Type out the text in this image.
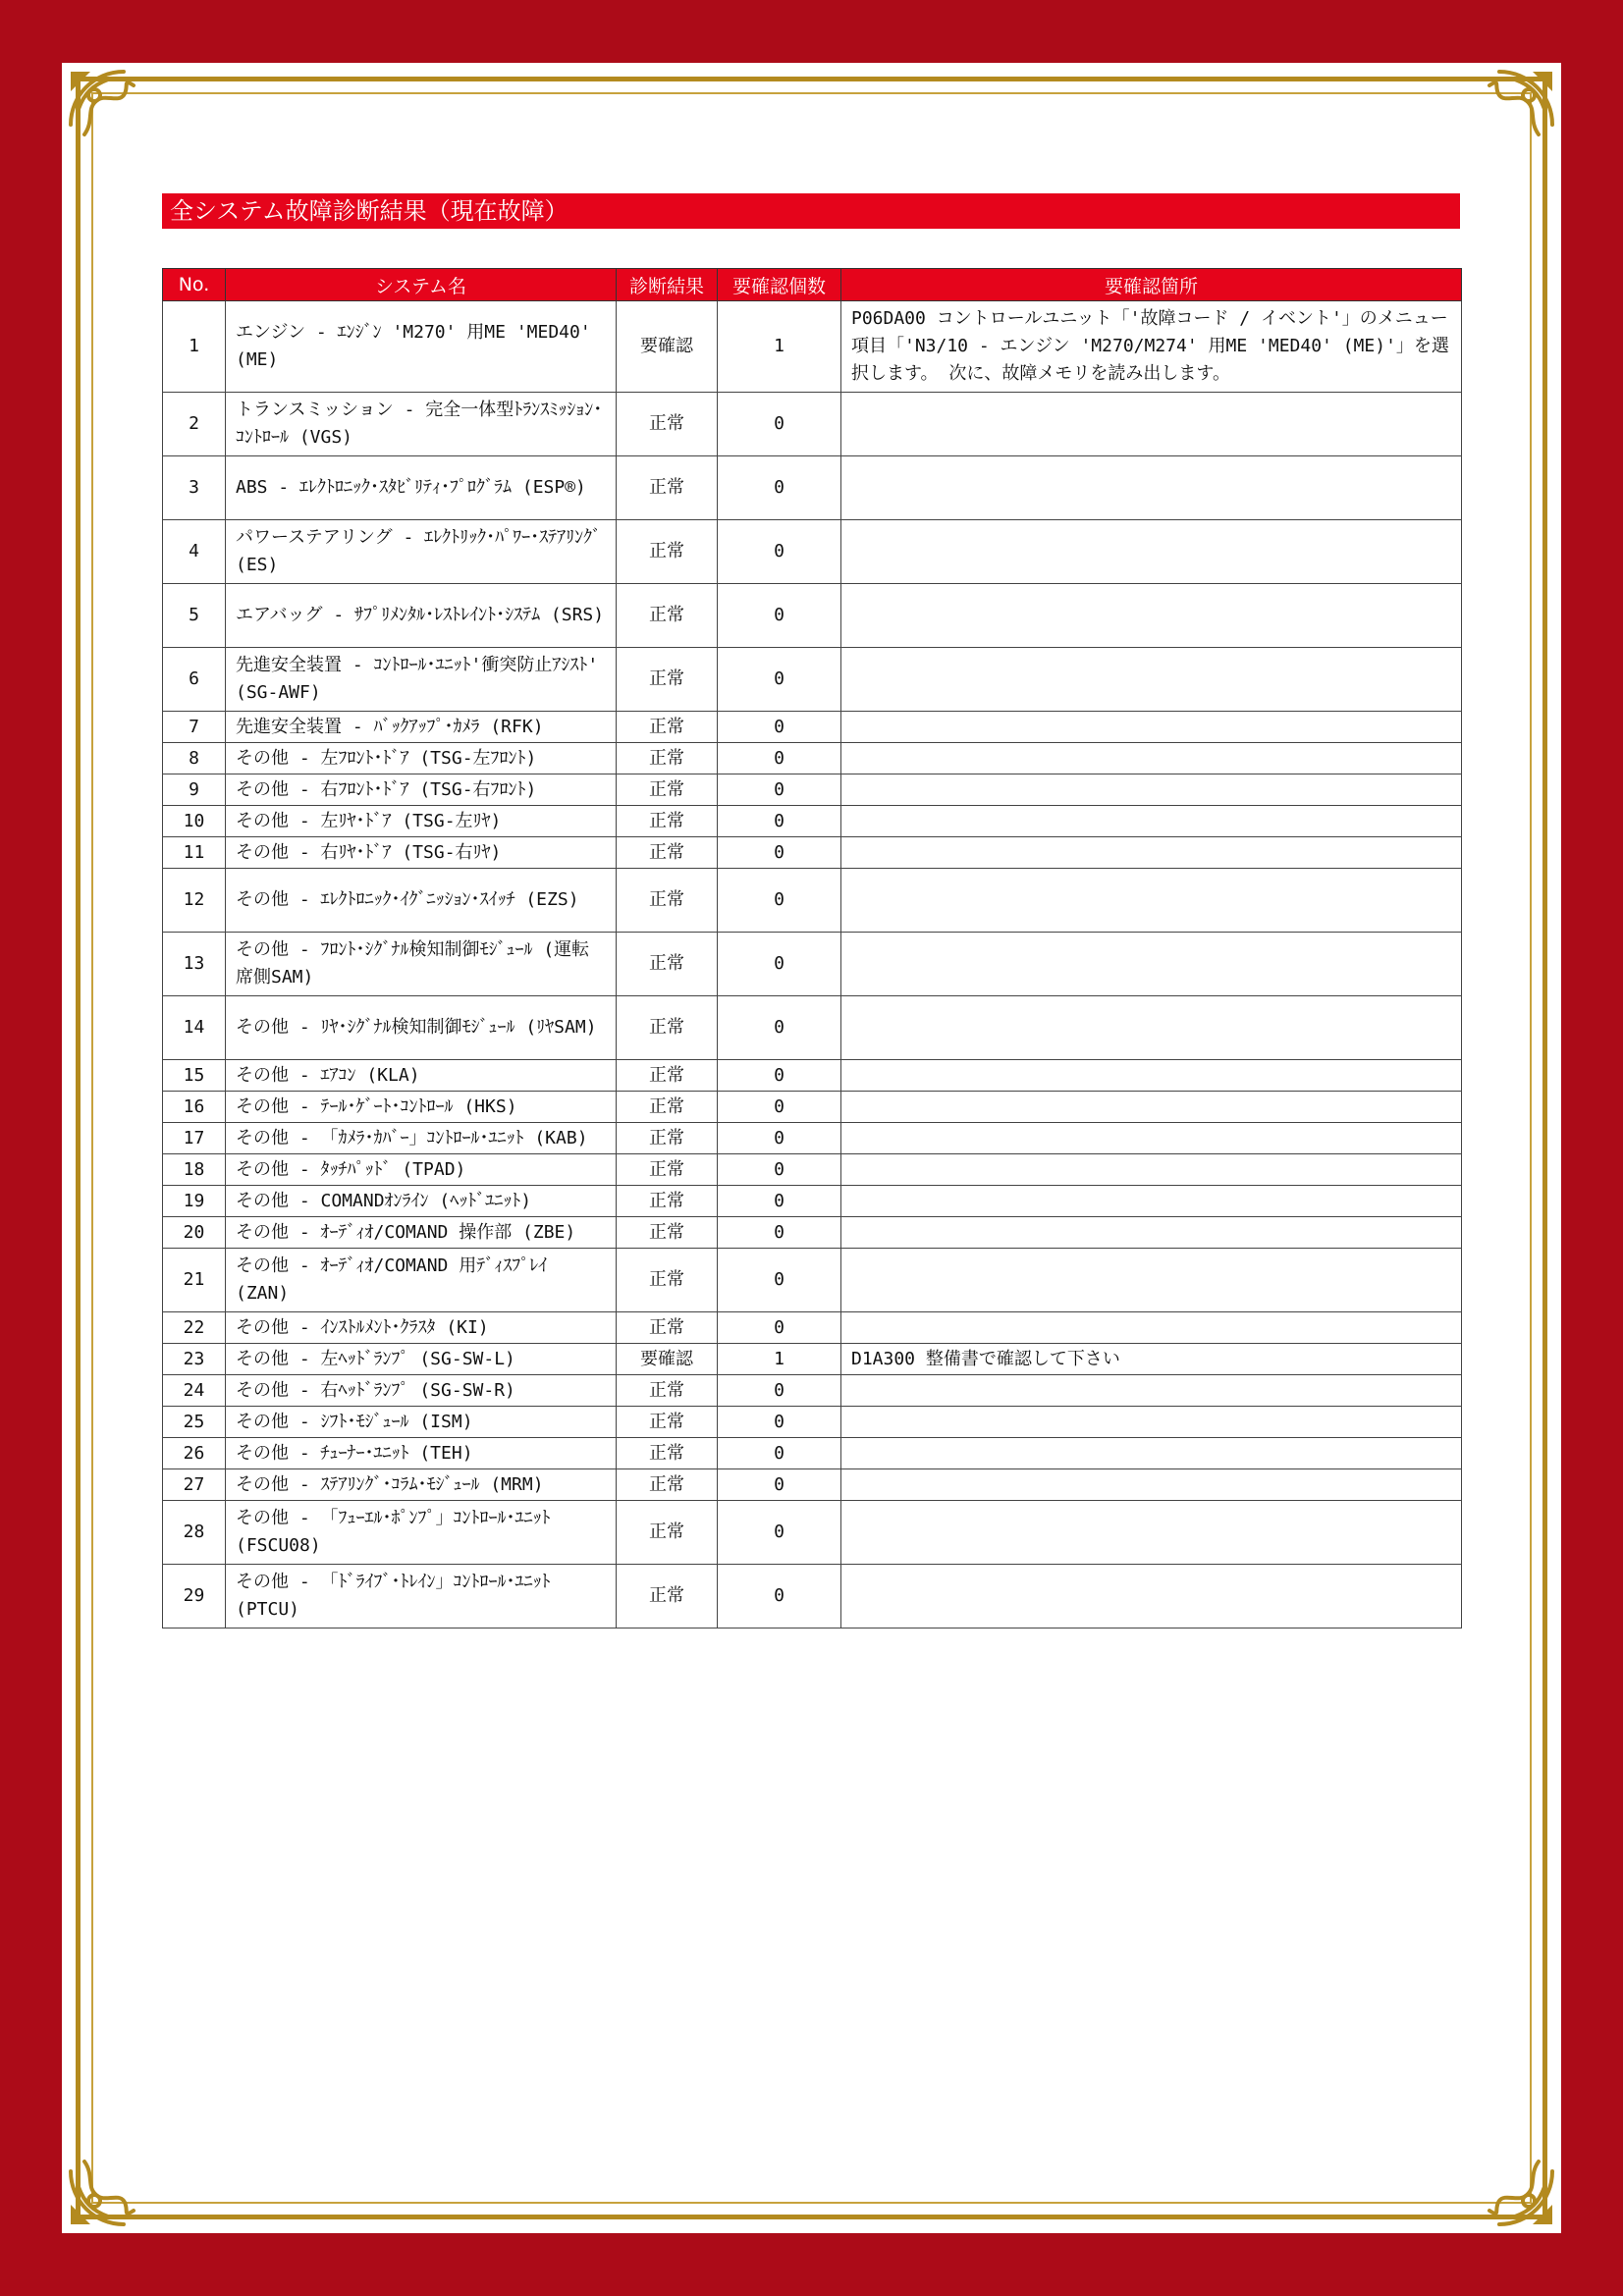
全システム故障診断結果（現在故障）
No.	システム名	診断結果	要確認個数	要確認箇所
1	エンジン - ｴﾝｼﾞﾝ 'M270' 用ME 'MED40' (ME)	要確認	1	P06DA00 コントロールユニット「'故障コード / イベント'」のメニュー項目「'N3/10 - エンジン 'M270/M274' 用ME 'MED40' (ME)'」を選択します。 次に、故障メモリを読み出します。
2	トランスミッション - 完全一体型ﾄﾗﾝｽﾐｯｼｮﾝ･ｺﾝﾄﾛｰﾙ (VGS)	正常	0	
3	ABS - ｴﾚｸﾄﾛﾆｯｸ･ｽﾀﾋﾞﾘﾃｨ･ﾌﾟﾛｸﾞﾗﾑ (ESP®)	正常	0	
4	パワーステアリング - ｴﾚｸﾄﾘｯｸ･ﾊﾟﾜｰ･ｽﾃｱﾘﾝｸﾞ (ES)	正常	0	
5	エアバッグ - ｻﾌﾟﾘﾒﾝﾀﾙ･ﾚｽﾄﾚｲﾝﾄ･ｼｽﾃﾑ (SRS)	正常	0	
6	先進安全装置 - ｺﾝﾄﾛｰﾙ･ﾕﾆｯﾄ'衝突防止ｱｼｽﾄ' (SG-AWF)	正常	0	
7	先進安全装置 - ﾊﾞｯｸｱｯﾌﾟ･ｶﾒﾗ (RFK)	正常	0	
8	その他 - 左ﾌﾛﾝﾄ･ﾄﾞｱ (TSG-左ﾌﾛﾝﾄ)	正常	0	
9	その他 - 右ﾌﾛﾝﾄ･ﾄﾞｱ (TSG-右ﾌﾛﾝﾄ)	正常	0	
10	その他 - 左ﾘﾔ･ﾄﾞｱ (TSG-左ﾘﾔ)	正常	0	
11	その他 - 右ﾘﾔ･ﾄﾞｱ (TSG-右ﾘﾔ)	正常	0	
12	その他 - ｴﾚｸﾄﾛﾆｯｸ･ｲｸﾞﾆｯｼｮﾝ･ｽｲｯﾁ (EZS)	正常	0	
13	その他 - ﾌﾛﾝﾄ･ｼｸﾞﾅﾙ検知制御ﾓｼﾞｭｰﾙ (運転席側SAM)	正常	0	
14	その他 - ﾘﾔ･ｼｸﾞﾅﾙ検知制御ﾓｼﾞｭｰﾙ (ﾘﾔSAM)	正常	0	
15	その他 - ｴｱｺﾝ (KLA)	正常	0	
16	その他 - ﾃｰﾙ･ｹﾞｰﾄ･ｺﾝﾄﾛｰﾙ (HKS)	正常	0	
17	その他 - 「ｶﾒﾗ･ｶﾊﾞｰ」ｺﾝﾄﾛｰﾙ･ﾕﾆｯﾄ (KAB)	正常	0	
18	その他 - ﾀｯﾁﾊﾟｯﾄﾞ (TPAD)	正常	0	
19	その他 - COMANDｵﾝﾗｲﾝ (ﾍｯﾄﾞﾕﾆｯﾄ)	正常	0	
20	その他 - ｵｰﾃﾞｨｵ/COMAND 操作部 (ZBE)	正常	0	
21	その他 - ｵｰﾃﾞｨｵ/COMAND 用ﾃﾞｨｽﾌﾟﾚｲ (ZAN)	正常	0	
22	その他 - ｲﾝｽﾄﾙﾒﾝﾄ･ｸﾗｽﾀ (KI)	正常	0	
23	その他 - 左ﾍｯﾄﾞﾗﾝﾌﾟ (SG-SW-L)	要確認	1	D1A300 整備書で確認して下さい
24	その他 - 右ﾍｯﾄﾞﾗﾝﾌﾟ (SG-SW-R)	正常	0	
25	その他 - ｼﾌﾄ･ﾓｼﾞｭｰﾙ (ISM)	正常	0	
26	その他 - ﾁｭｰﾅｰ･ﾕﾆｯﾄ (TEH)	正常	0	
27	その他 - ｽﾃｱﾘﾝｸﾞ･ｺﾗﾑ･ﾓｼﾞｭｰﾙ (MRM)	正常	0	
28	その他 - 「ﾌｭｰｴﾙ･ﾎﾟﾝﾌﾟ」ｺﾝﾄﾛｰﾙ･ﾕﾆｯﾄ (FSCU08)	正常	0	
29	その他 - 「ﾄﾞﾗｲﾌﾞ･ﾄﾚｲﾝ」ｺﾝﾄﾛｰﾙ･ﾕﾆｯﾄ (PTCU)	正常	0	
